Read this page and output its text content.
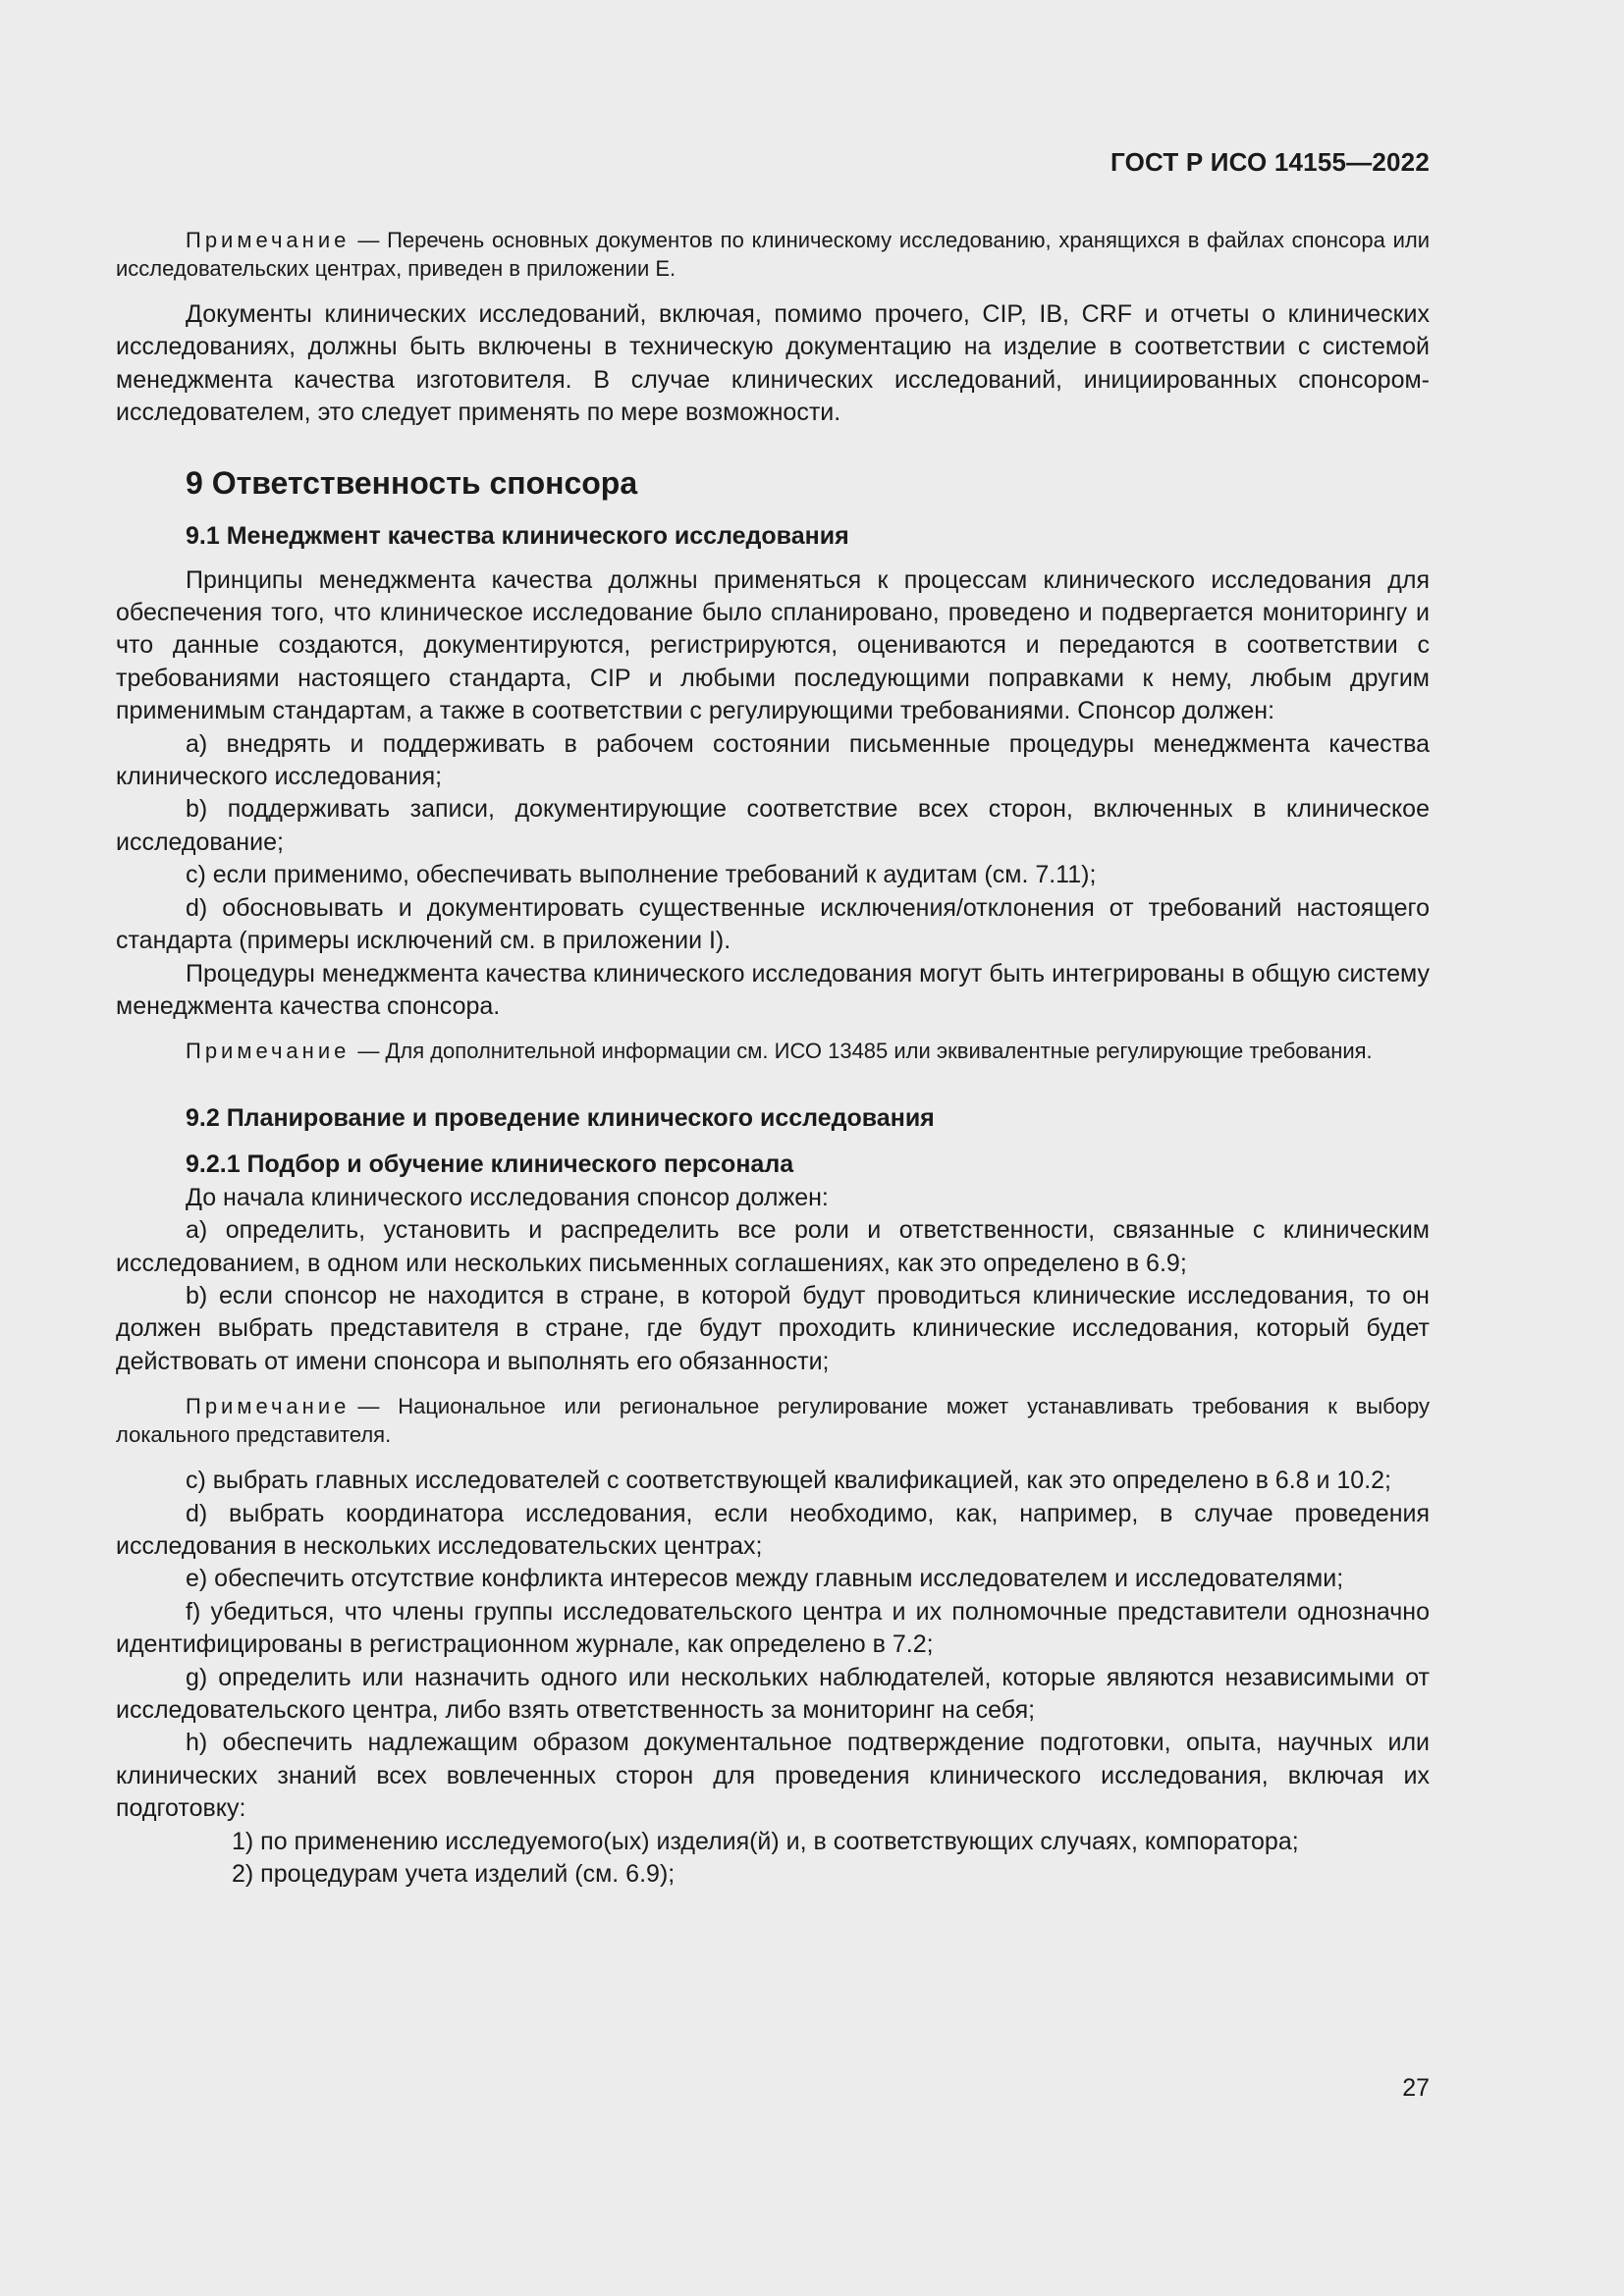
ГОСТ Р ИСО 14155—2022

Примечание — Перечень основных документов по клиническому исследованию, хранящихся в файлах спонсора или исследовательских центрах, приведен в приложении E.

Документы клинических исследований, включая, помимо прочего, CIP, IB, CRF и отчеты о клинических исследованиях, должны быть включены в техническую документацию на изделие в соответствии с системой менеджмента качества изготовителя. В случае клинических исследований, инициированных спонсором-исследователем, это следует применять по мере возможности.

9 Ответственность спонсора

9.1 Менеджмент качества клинического исследования

Принципы менеджмента качества должны применяться к процессам клинического исследования для обеспечения того, что клиническое исследование было спланировано, проведено и подвергается мониторингу и что данные создаются, документируются, регистрируются, оцениваются и передаются в соответствии с требованиями настоящего стандарта, CIP и любыми последующими поправками к нему, любым другим применимым стандартам, а также в соответствии с регулирующими требованиями. Спонсор должен:

a) внедрять и поддерживать в рабочем состоянии письменные процедуры менеджмента качества клинического исследования;

b) поддерживать записи, документирующие соответствие всех сторон, включенных в клиническое исследование;

c) если применимо, обеспечивать выполнение требований к аудитам (см. 7.11);

d) обосновывать и документировать существенные исключения/отклонения от требований настоящего стандарта (примеры исключений см. в приложении I).

Процедуры менеджмента качества клинического исследования могут быть интегрированы в общую систему менеджмента качества спонсора.

Примечание — Для дополнительной информации см. ИСО 13485 или эквивалентные регулирующие требования.

9.2 Планирование и проведение клинического исследования

9.2.1 Подбор и обучение клинического персонала

До начала клинического исследования спонсор должен:

a) определить, установить и распределить все роли и ответственности, связанные с клиническим исследованием, в одном или нескольких письменных соглашениях, как это определено в 6.9;

b) если спонсор не находится в стране, в которой будут проводиться клинические исследования, то он должен выбрать представителя в стране, где будут проходить клинические исследования, который будет действовать от имени спонсора и выполнять его обязанности;

Примечание — Национальное или региональное регулирование может устанавливать требования к выбору локального представителя.

c) выбрать главных исследователей с соответствующей квалификацией, как это определено в 6.8 и 10.2;

d) выбрать координатора исследования, если необходимо, как, например, в случае проведения исследования в нескольких исследовательских центрах;

e) обеспечить отсутствие конфликта интересов между главным исследователем и исследователями;

f) убедиться, что члены группы исследовательского центра и их полномочные представители однозначно идентифицированы в регистрационном журнале, как определено в 7.2;

g) определить или назначить одного или нескольких наблюдателей, которые являются независимыми от исследовательского центра, либо взять ответственность за мониторинг на себя;

h) обеспечить надлежащим образом документальное подтверждение подготовки, опыта, научных или клинических знаний всех вовлеченных сторон для проведения клинического исследования, включая их подготовку:

1) по применению исследуемого(ых) изделия(й) и, в соответствующих случаях, компоратора;

2) процедурам учета изделий (см. 6.9);

27
